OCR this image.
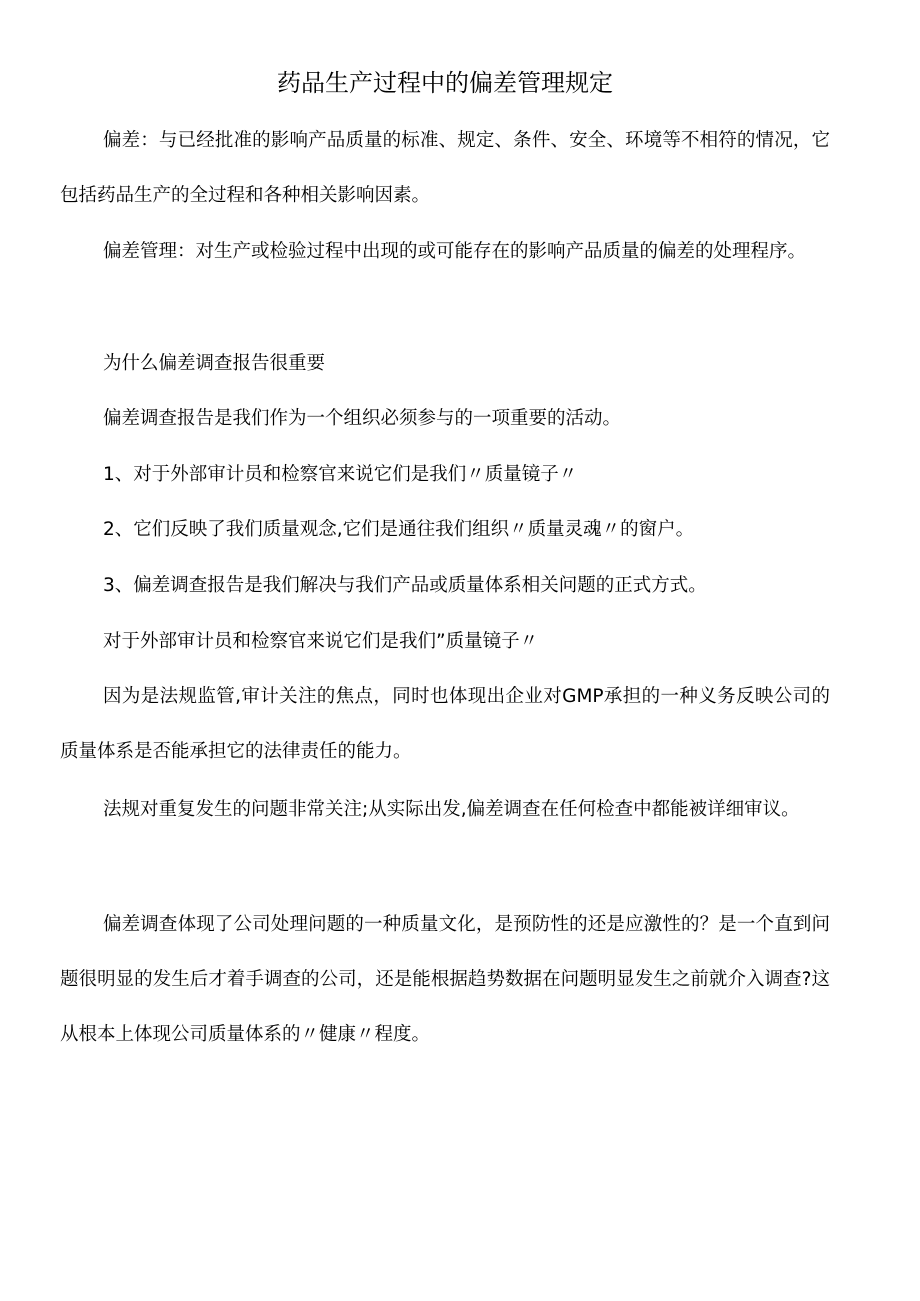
药品生产过程中的偏差管理规定

偏差：与已经批准的影响产品质量的标准、规定、条件、安全、环境等不相符的情况，它包括药品生产的全过程和各种相关影响因素。

偏差管理：对生产或检验过程中出现的或可能存在的影响产品质量的偏差的处理程序。

为什么偏差调查报告很重要

偏差调查报告是我们作为一个组织必须参与的一项重要的活动。

1、对于外部审计员和检察官来说它们是我们〃质量镜子〃

2、它们反映了我们质量观念,它们是通往我们组织〃质量灵魂〃的窗户。

3、偏差调查报告是我们解决与我们产品或质量体系相关问题的正式方式。

对于外部审计员和检察官来说它们是我们”质量镜子〃

因为是法规监管,审计关注的焦点，同时也体现出企业对GMP承担的一种义务反映公司的质量体系是否能承担它的法律责任的能力。

法规对重复发生的问题非常关注;从实际出发,偏差调查在任何检查中都能被详细审议。

偏差调查体现了公司处理问题的一种质量文化，是预防性的还是应激性的？是一个直到问题很明显的发生后才着手调查的公司，还是能根据趋势数据在问题明显发生之前就介入调查?这从根本上体现公司质量体系的〃健康〃程度。
